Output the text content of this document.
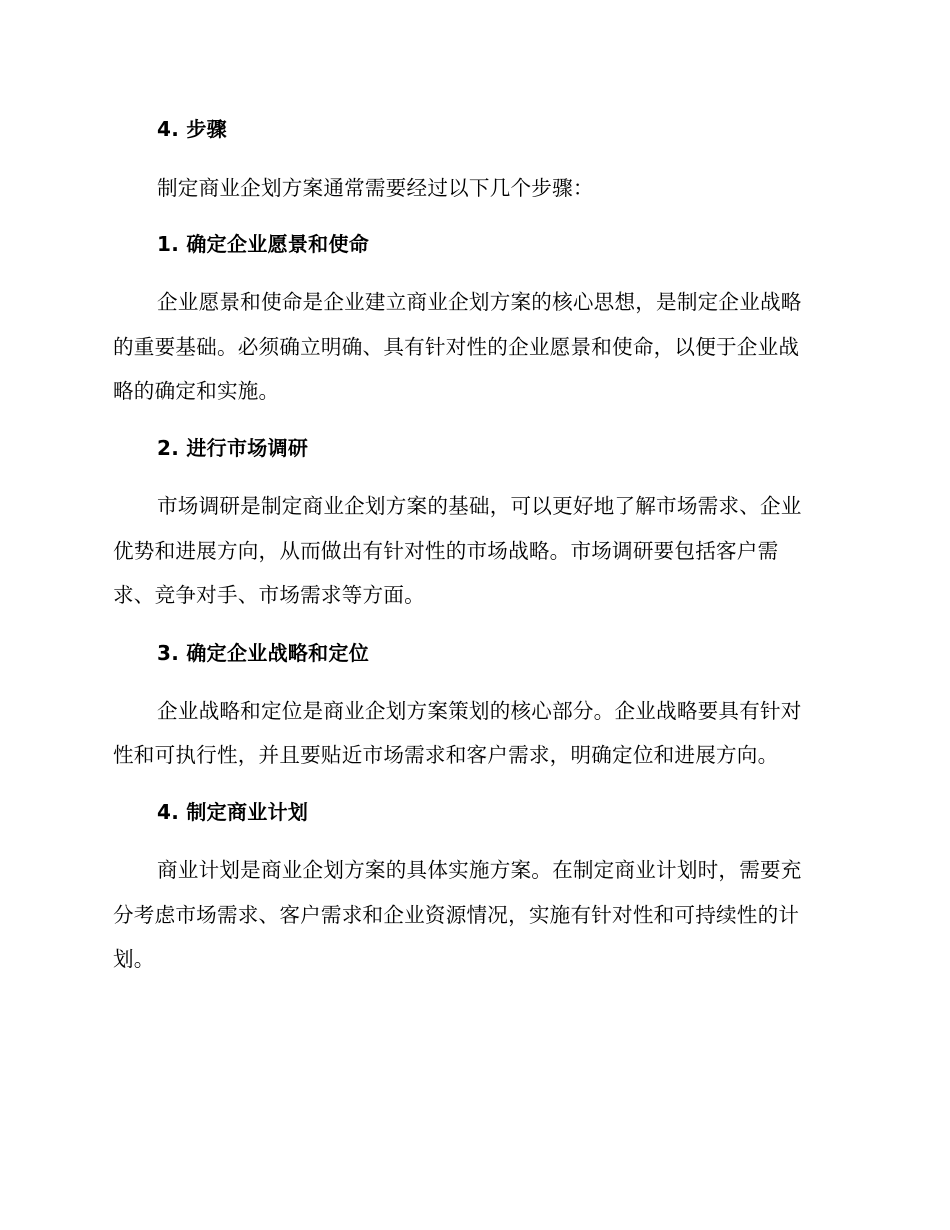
4. 步骤
制定商业企划方案通常需要经过以下几个步骤：
1. 确定企业愿景和使命
企业愿景和使命是企业建立商业企划方案的核心思想，是制定企业战略
的重要基础。必须确立明确、具有针对性的企业愿景和使命，以便于企业战
略的确定和实施。
2. 进行市场调研
市场调研是制定商业企划方案的基础，可以更好地了解市场需求、企业
优势和进展方向，从而做出有针对性的市场战略。市场调研要包括客户需
求、竞争对手、市场需求等方面。
3. 确定企业战略和定位
企业战略和定位是商业企划方案策划的核心部分。企业战略要具有针对
性和可执行性，并且要贴近市场需求和客户需求，明确定位和进展方向。
4. 制定商业计划
商业计划是商业企划方案的具体实施方案。在制定商业计划时，需要充
分考虑市场需求、客户需求和企业资源情况，实施有针对性和可持续性的计
划。
